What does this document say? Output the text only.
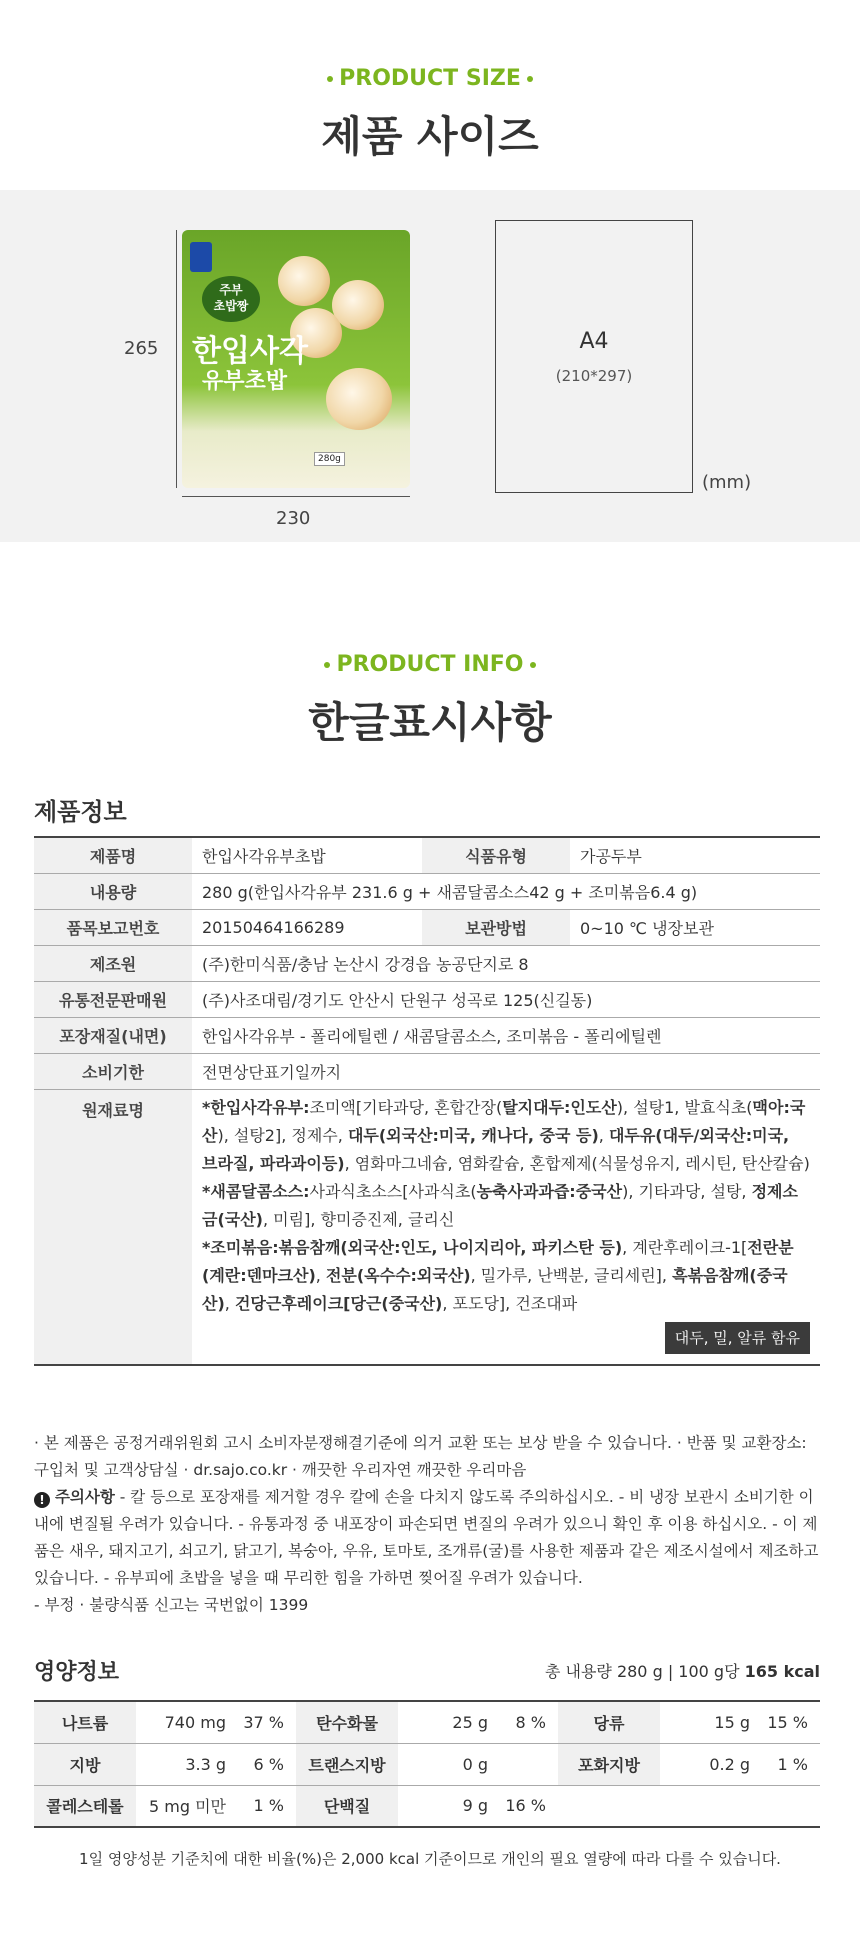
PRODUCT SIZE
제품 사이즈
265
주부
초밥짱
한입사각
유부초밥
280g
230
A4
(210*297)
(mm)
PRODUCT INFO
한글표시사항
제품정보
제품명	한입사각유부초밥	식품유형	가공두부
내용량	280 g(한입사각유부 231.6 g + 새콤달콤소스42 g + 조미볶음6.4 g)		
품목보고번호	20150464166289	보관방법	0~10 ℃ 냉장보관
제조원	(주)한미식품/충남 논산시 강경읍 농공단지로 8		
유통전문판매원	(주)사조대림/경기도 안산시 단원구 성곡로 125(신길동)		
포장재질(내면)	한입사각유부 - 폴리에틸렌 / 새콤달콤소스, 조미볶음 - 폴리에틸렌		
소비기한	전면상단표기일까지		
원재료명	*한입사각유부:조미액[기타과당, 혼합간장(탈지대두:인도산), 설탕1, 발효식초(맥아:국산), 설탕2], 정제수, 대두(외국산:미국, 캐나다, 중국 등), 대두유(대두/외국산:미국, 브라질, 파라과이등), 염화마그네슘, 염화칼슘, 혼합제제(식물성유지, 레시틴, 탄산칼슘)
*새콤달콤소스:사과식초소스[사과식초(농축사과과즙:중국산), 기타과당, 설탕, 정제소금(국산), 미림], 향미증진제, 글리신
*조미볶음:볶음참깨(외국산:인도, 나이지리아, 파키스탄 등), 계란후레이크-1[전란분(계란:덴마크산), 전분(옥수수:외국산), 밀가루, 난백분, 글리세린], 흑볶음참깨(중국산), 건당근후레이크[당근(중국산), 포도당], 건조대파
대두, 밀, 알류 함유		
· 본 제품은 공정거래위원회 고시 소비자분쟁해결기준에 의거 교환 또는 보상 받을 수 있습니다. · 반품 및 교환장소:구입처 및 고객상담실 · dr.sajo.co.kr · 깨끗한 우리자연 깨끗한 우리마음
! 주의사항 - 칼 등으로 포장재를 제거할 경우 칼에 손을 다치지 않도록 주의하십시오. - 비 냉장 보관시 소비기한 이내에 변질될 우려가 있습니다. - 유통과정 중 내포장이 파손되면 변질의 우려가 있으니 확인 후 이용 하십시오. - 이 제품은 새우, 돼지고기, 쇠고기, 닭고기, 복숭아, 우유, 토마토, 조개류(굴)를 사용한 제품과 같은 제조시설에서 제조하고 있습니다. - 유부피에 초밥을 넣을 때 무리한 힘을 가하면 찢어질 우려가 있습니다.
- 부정 · 불량식품 신고는 국번없이 1399
영양정보	총 내용량 280 g | 100 g당 165 kcal
나트륨	740 mg	37 %	탄수화물	25 g	8 %	당류	15 g	15 %
지방	3.3 g	6 %	트랜스지방	0 g		포화지방	0.2 g	1 %
콜레스테롤	5 mg 미만	1 %	단백질	9 g	16 %			
1일 영양성분 기준치에 대한 비율(%)은 2,000 kcal 기준이므로 개인의 필요 열량에 따라 다를 수 있습니다.
